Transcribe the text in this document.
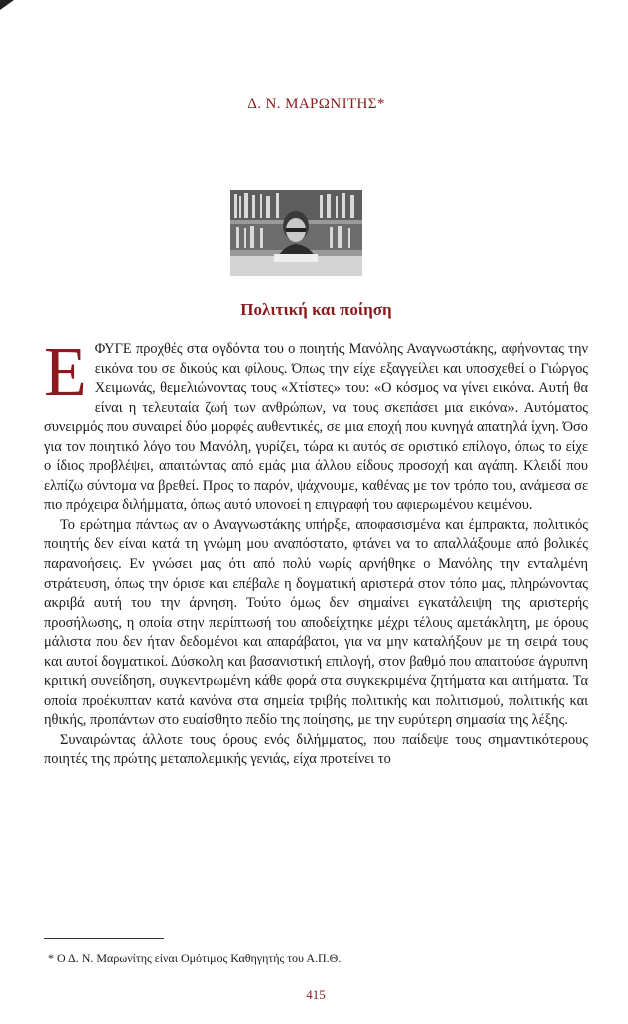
Δ. Ν. ΜΑΡΩΝΙΤΗΣ*
Πολιτική και ποίηση

ΕΦΥΓΕ προχθές στα ογδόντα του ο ποιητής Μανόλης Αναγνωστάκης, αφήνοντας την εικόνα του σε δικούς και φίλους. Όπως την είχε εξαγγείλει και υποσχεθεί ο Γιώργος Χειμωνάς, θεμελιώνοντας τους «Χτίστες» του: «Ο κόσμος να γίνει εικόνα. Αυτή θα είναι η τελευταία ζωή των ανθρώπων, να τους σκεπάσει μια εικόνα». Αυτόματος συνειρμός που συναιρεί δύο μορφές αυθεντικές, σε μια εποχή που κυνηγά απατηλά ίχνη. Όσο για τον ποιητικό λόγο του Μανόλη, γυρίζει, τώρα κι αυτός σε οριστικό επίλογο, όπως το είχε ο ίδιος προβλέψει, απαιτώντας από εμάς μια άλλου είδους προσοχή και αγάπη. Κλειδί που ελπίζω σύντομα να βρεθεί. Προς το παρόν, ψάχνουμε, καθένας με τον τρόπο του, ανάμεσα σε πιο πρόχειρα διλήμματα, όπως αυτό υπονοεί η επιγραφή του αφιερωμένου κειμένου.

Το ερώτημα πάντως αν ο Αναγνωστάκης υπήρξε, αποφασισμένα και έμπρακτα, πολιτικός ποιητής δεν είναι κατά τη γνώμη μου αναπόστατο, φτάνει να το απαλλάξουμε από βολικές παρανοήσεις. Εν γνώσει μας ότι από πολύ νωρίς αρνήθηκε ο Μανόλης την ενταλμένη στράτευση, όπως την όρισε και επέβαλε η δογματική αριστερά στον τόπο μας, πληρώνοντας ακριβά αυτή του την άρνηση. Τούτο όμως δεν σημαίνει εγκατάλειψη της αριστερής προσήλωσης, η οποία στην περίπτωσή του αποδείχτηκε μέχρι τέλους αμετάκλητη, με όρους μάλιστα που δεν ήταν δεδομένοι και απαράβατοι, για να μην καταλήξουν με τη σειρά τους και αυτοί δογματικοί. Δύσκολη και βασανιστική επιλογή, στον βαθμό που απαιτούσε άγρυπνη κριτική συνείδηση, συγκεντρωμένη κάθε φορά στα συγκεκριμένα ζητήματα και αιτήματα. Τα οποία προέκυπταν κατά κανόνα στα σημεία τριβής πολιτικής και πολιτισμού, πολιτικής και ηθικής, προπάντων στο ευαίσθητο πεδίο της ποίησης, με την ευρύτερη σημασία της λέξης.

Συναιρώντας άλλοτε τους όρους ενός διλήμματος, που παίδεψε τους σημαντικότερους ποιητές της πρώτης μεταπολεμικής γενιάς, είχα προτείνει το

* Ο Δ. Ν. Μαρωνίτης είναι Ομότιμος Καθηγητής του Α.Π.Θ.
415
